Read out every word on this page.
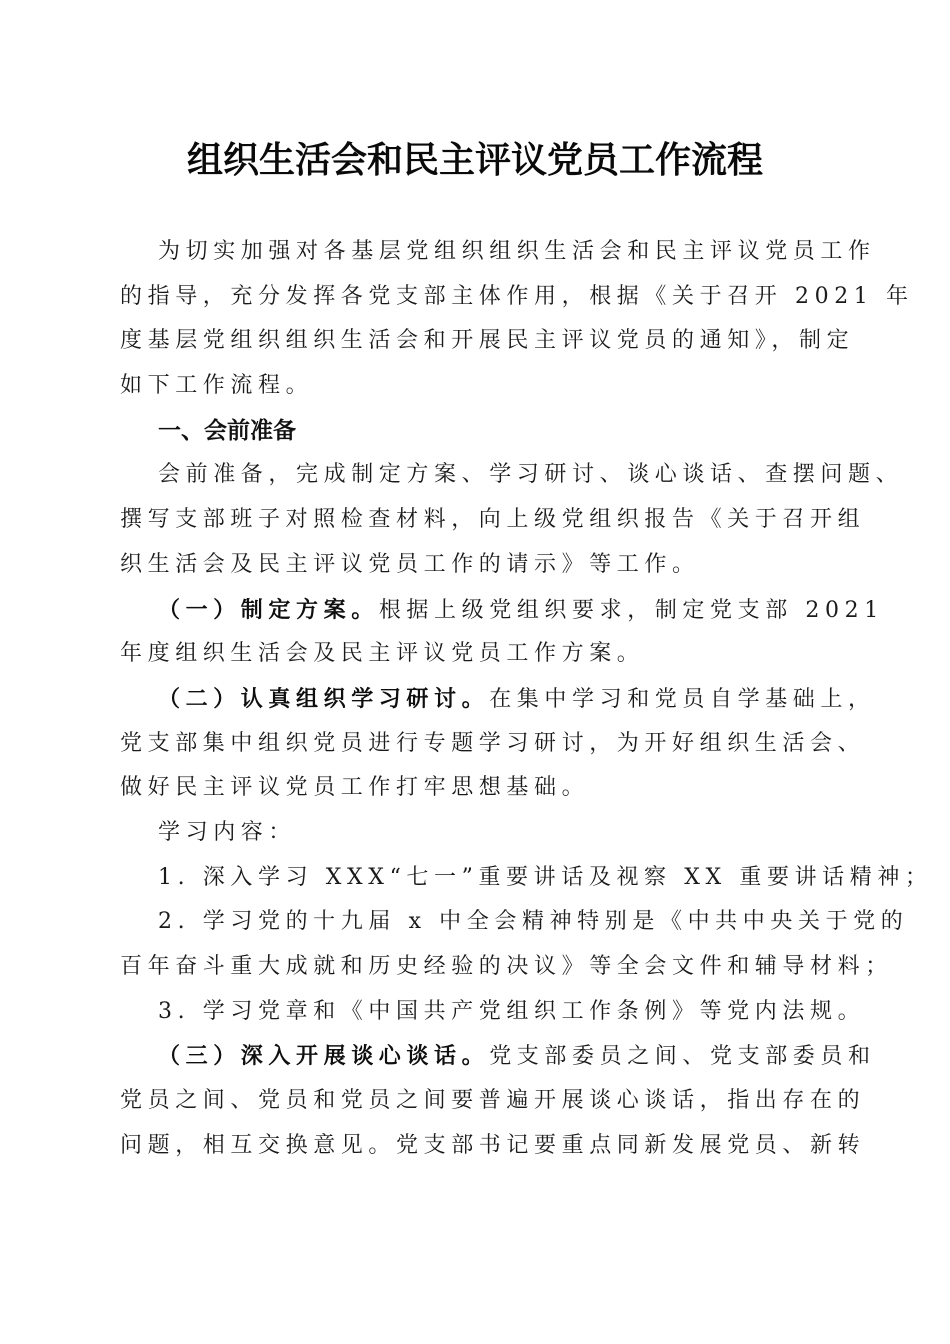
组织生活会和民主评议党员工作流程
为切实加强对各基层党组织组织生活会和民主评议党员工作
的指导，充分发挥各党支部主体作用，根据《关于召开 2021 年
度基层党组织组织生活会和开展民主评议党员的通知》，制定
如下工作流程。
一、会前准备
会前准备，完成制定方案、学习研讨、谈心谈话、查摆问题、
撰写支部班子对照检查材料，向上级党组织报告《关于召开组
织生活会及民主评议党员工作的请示》等工作。
（一）制定方案。根据上级党组织要求，制定党支部 2021
年度组织生活会及民主评议党员工作方案。
（二）认真组织学习研讨。在集中学习和党员自学基础上，
党支部集中组织党员进行专题学习研讨，为开好组织生活会、
做好民主评议党员工作打牢思想基础。
学习内容：
1. 深入学习 XXX“七一”重要讲话及视察 XX 重要讲话精神；
2. 学习党的十九届 x 中全会精神特别是《中共中央关于党的
百年奋斗重大成就和历史经验的决议》等全会文件和辅导材料；
3. 学习党章和《中国共产党组织工作条例》等党内法规。
（三）深入开展谈心谈话。党支部委员之间、党支部委员和
党员之间、党员和党员之间要普遍开展谈心谈话，指出存在的
问题，相互交换意见。党支部书记要重点同新发展党员、新转
